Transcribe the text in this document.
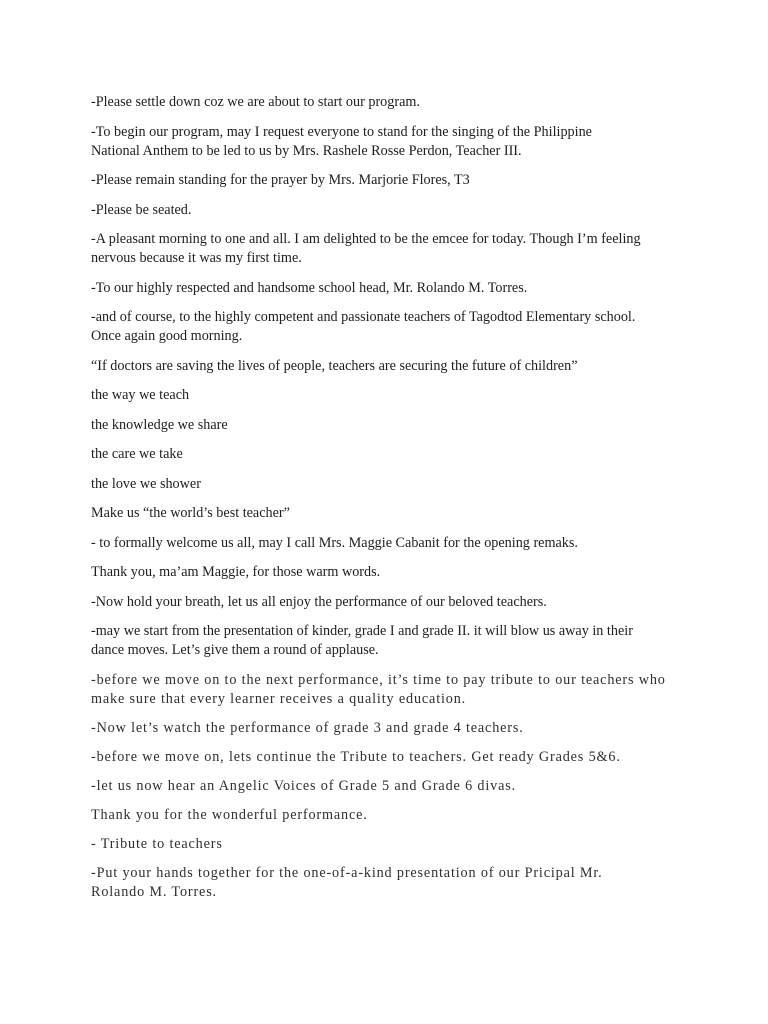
-Please settle down coz we are about to start our program.

-To begin our program, may I request everyone to stand for the singing of the Philippine
National Anthem to be led to us by Mrs. Rashele Rosse Perdon, Teacher III.

-Please remain standing for the prayer by Mrs. Marjorie Flores, T3

-Please be seated.

-A pleasant morning to one and all. I am delighted to be the emcee for today. Though I’m feeling
nervous because it was my first time.

-To our highly respected and handsome school head, Mr. Rolando M. Torres.

-and of course, to the highly competent and passionate teachers of Tagodtod Elementary school.
Once again good morning.

“If doctors are saving the lives of people, teachers are securing the future of children”

the way we teach

the knowledge we share

the care we take

the love we shower

Make us “the world’s best teacher”

- to formally welcome us all, may I call Mrs. Maggie Cabanit for the opening remaks.

Thank you, ma’am Maggie, for those warm words.

-Now hold your breath, let us all enjoy the performance of our beloved teachers.

-may we start from the presentation of kinder, grade I and grade II. it will blow us away in their
dance moves. Let’s give them a round of applause.

-before we move on to the next performance, it’s time to pay tribute to our teachers who
make sure that every learner receives a quality education.

-Now let’s watch the performance of grade 3 and grade 4 teachers.

-before we move on, lets continue the Tribute to teachers. Get ready Grades 5&6.

-let us now hear an Angelic Voices of Grade 5 and Grade 6 divas.

Thank you for the wonderful performance.

- Tribute to teachers

-Put your hands together for the one-of-a-kind presentation of our Pricipal Mr.
Rolando M. Torres.
